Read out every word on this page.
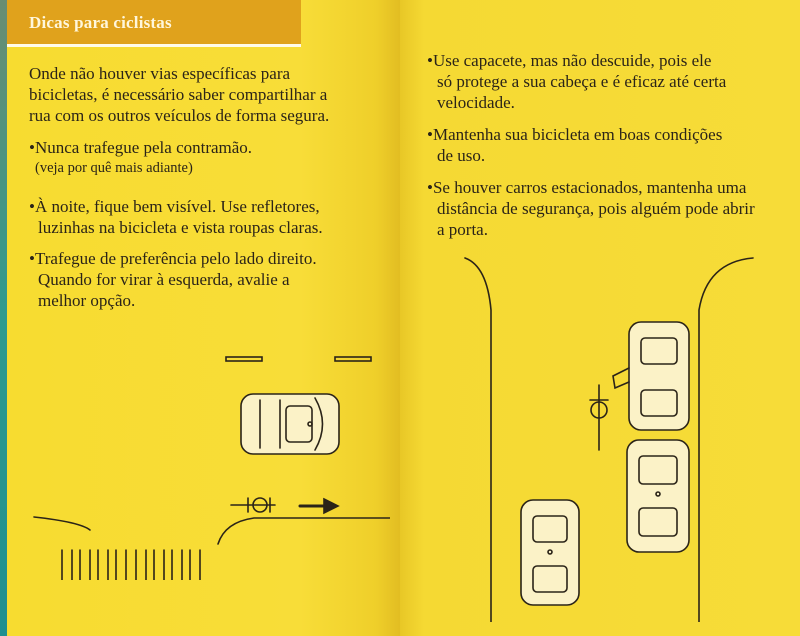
Dicas para ciclistas
Onde não houver vias específicas para
bicicletas, é necessário saber compartilhar a
rua com os outros veículos de forma segura.
•Nunca trafegue pela contramão.
(veja por quê mais adiante)
•À noite, fique bem visível. Use refletores,
luzinhas na bicicleta e vista roupas claras.
•Trafegue de preferência pelo lado direito.
Quando for virar à esquerda, avalie a
melhor opção.
•Use capacete, mas não descuide, pois ele
só protege a sua cabeça e é eficaz até certa
velocidade.
•Mantenha sua bicicleta em boas condições
de uso.
•Se houver carros estacionados, mantenha uma
distância de segurança, pois alguém pode abrir
a porta.
